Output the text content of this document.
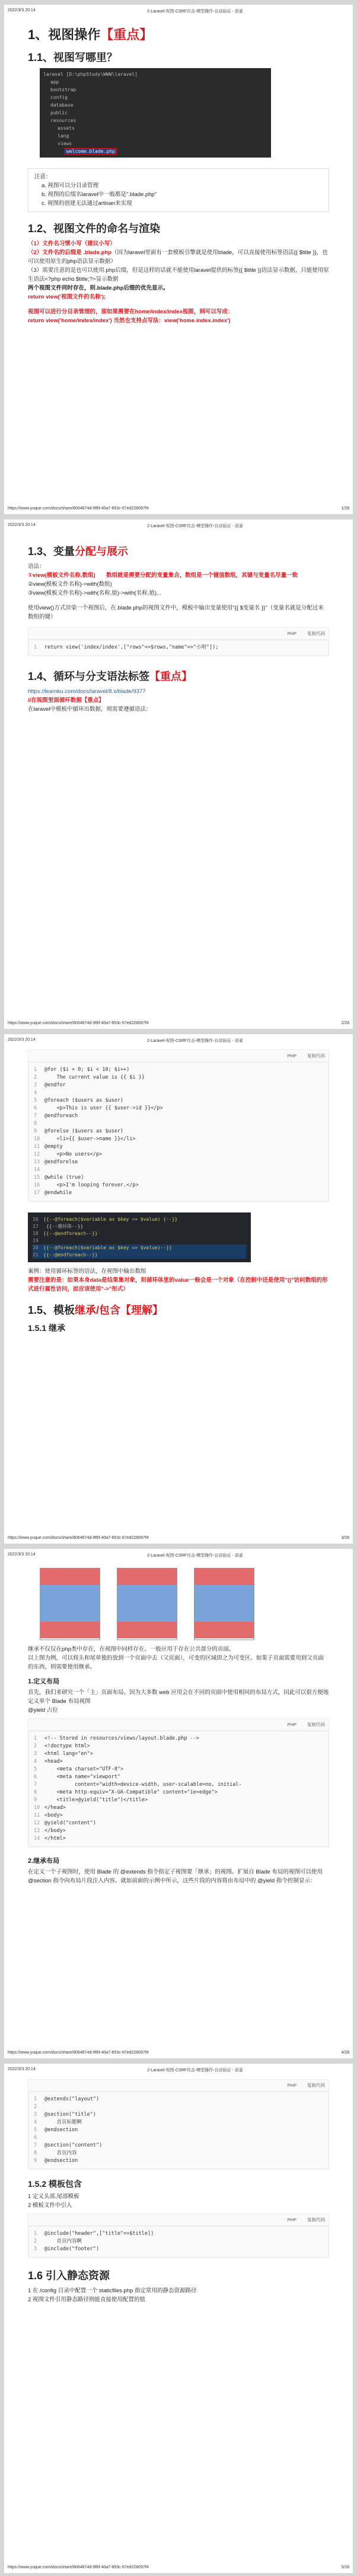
2022/3/3 20:14	2-Laravel-视图-CSRF攻击-模型操作-自动验证 - 语雀
1、视图操作【重点】
1.1、视图写哪里？
laravel [D:\phpStudy\WWW\laravel]
app
bootstrap
config
database
public
resources
assets
lang
views
welcome.blade.php
注意：
a. 视图可以分目录管理
b. 视图的后缀名laravel中一般都是".blade.php"
c. 视图的创建无法通过artisan来实现
1.2、视图文件的命名与渲染
（1）文件名习惯小写（建议小写）

（2）文件名的后缀是 .blade.php（因为laravel里面有一套模板引擎就是使用blade，可以直接使用标签语法{{ $title }}，也可以使用原生的php语法显示数据）

（3）需要注意的是也可以使用.php后缀，但是这样的话就不能使用laravel提供的标签{{ $title }}语法显示数据，只能使用原生语法<?php echo $title;?>显示数据

两个视图文件同时存在，则.blade.php后缀的优先显示。
return view('视图文件的名称');
视图可以进行分目录管理的，那如果需要在home/index/index视图，则可以写成：
return view('home/index/index') 当然也支持点写法：view('home.index.index')
https://www.yuque.com/docs/share/8064874d-9f6f-40a7-853c-67ed228097f#	1/28
2022/3/3 20:14	2-Laravel-视图-CSRF攻击-模型操作-自动验证 - 语雀
1.3、变量分配与展示

语法：

①view(模板文件名称,数组) 数组就是需要分配的变量集合，数组是一个键值数组，其键与变量名尽量一致

②view(模板文件名称)->with(数组)

③view(模板文件名称)->with(名称,值)->with(名称,值)...

使用view()方式渲染一个视图后，在.blade.php的视图文件中，模板中输出变量使用"{{ $变量名 }}"（变量名就是分配过来数组的键）

PHP 复制代码
1 return view('index/index',["rows"=>$rows,"name"=>"小明"]);
1.4、循环与分支语法标签【重点】

https://learnku.com/docs/laravel/8.x/blade/9377

//在视图里面循环数据【重点】

在laravel中模板中循环出数据，则需要遵循语法：

https://www.yuque.com/docs/share/8064874d-9f6f-40a7-853c-67ed228097f#	2/28
2022/3/3 20:14	2-Laravel-视图-CSRF攻击-模型操作-自动验证 - 语雀
PHP 复制代码
1 @for ($i = 0; $i < 10; $i++)
2    The current value is {{ $i }}
3 @endfor
4
5 @foreach ($users as $user)
6    <p>This is user {{ $user->id }}</p>
7 @endforeach
8
9 @forelse ($users as $user)
10    <li>{{ $user->name }}</li>
11 @empty
12    <p>No users</p>
13 @endforelse
14
15 @while (true)
16    <p>I'm looping forever.</p>
17 @endwhile
16 {{--@foreach($variable as $key => $value) {--}}
17 {{--循环体--}}
18 {{--@endforeach--}}
19
20 {{--@foreach($variable as $key => $value)--}}
21 {{--@endforeach--}}

案例：使用循环标签的语法，在视图中输出数组

需要注意的是：如果本身data是结果集对象，则循环体里的value一般会是一个对象（在控制中还是使用"()"访问数组的形式进行属性访问，而应该使用"->"形式）

1.5、模板继承/包含【理解】
1.5.1 继承
https://www.yuque.com/docs/share/8064874d-9f6f-40a7-853c-67ed228097f#	3/28
2022/3/3 20:14	2-Laravel-视图-CSRF攻击-模型操作-自动验证 - 语雀

继承不仅仅在php类中存在，在视图中同样存在。一般应用于存在公共部分的页面。

以上图为例，可以将头和尾单独的放到一个页面中去（父页面），可变的区域即之为可变区。如果子页面需要用到父页面的东西，则需要使用继承。

1.定义布局

首先，我们来研究一个「主」页面布局。因为大多数 web 应用会在不同的页面中使用相同的布局方式，因此可以很方便地定义单个 Blade 布局视图

@yield 占位

PHP 复制代码
1 <!-- Stored in resources/views/layout.blade.php -->
2 <!doctype html>
3 <html lang="en">
4 <head>
5    <meta charset="UTF-8">
6    <meta name="viewport"
7          content="width=device-width, user-scalable=no, initial-
8    <meta http-equiv="X-UA-Compatible" content="ie=edge">
9    <title>@yield("title")</title>
10 </head>
11 <body>
12 @yield("content")
13 </body>
14 </html>
2.继承布局

在定义一个子视图时，使用 Blade 的 @extends 指令指定子视图要「继承」的视图。扩展自 Blade 布局的视图可以使用 @section 指令向布局片段注入内容。就如前面的示例中所示，这些片段的内容将由布局中的 @yield 指令控制显示：

https://www.yuque.com/docs/share/8064874d-9f6f-40a7-853c-67ed228097f#	4/28
2022/3/3 20:14	2-Laravel-视图-CSRF攻击-模型操作-自动验证 - 语雀
PHP 复制代码
1 @extends("layout")
2
3 @section("title")
4    首页标题啊
5 @endsection
6
7 @section("content")
8    首页内容
9 @endsection
1.5.2 模板包含

1 定义头部,尾部模板

2 模板文件中引入

PHP 复制代码
1 @include("header",["title"=>$title])
2    首页内容啊
3 @include("footer")
1.6 引入静态资源

1 在 /config 目录中配置一个 staticfiles.php 指定常用的静态资源路径

2 视图文件引用静态路径则能直接使用配置的值

https://www.yuque.com/docs/share/8064874d-9f6f-40a7-853c-67ed228097f#	5/28
